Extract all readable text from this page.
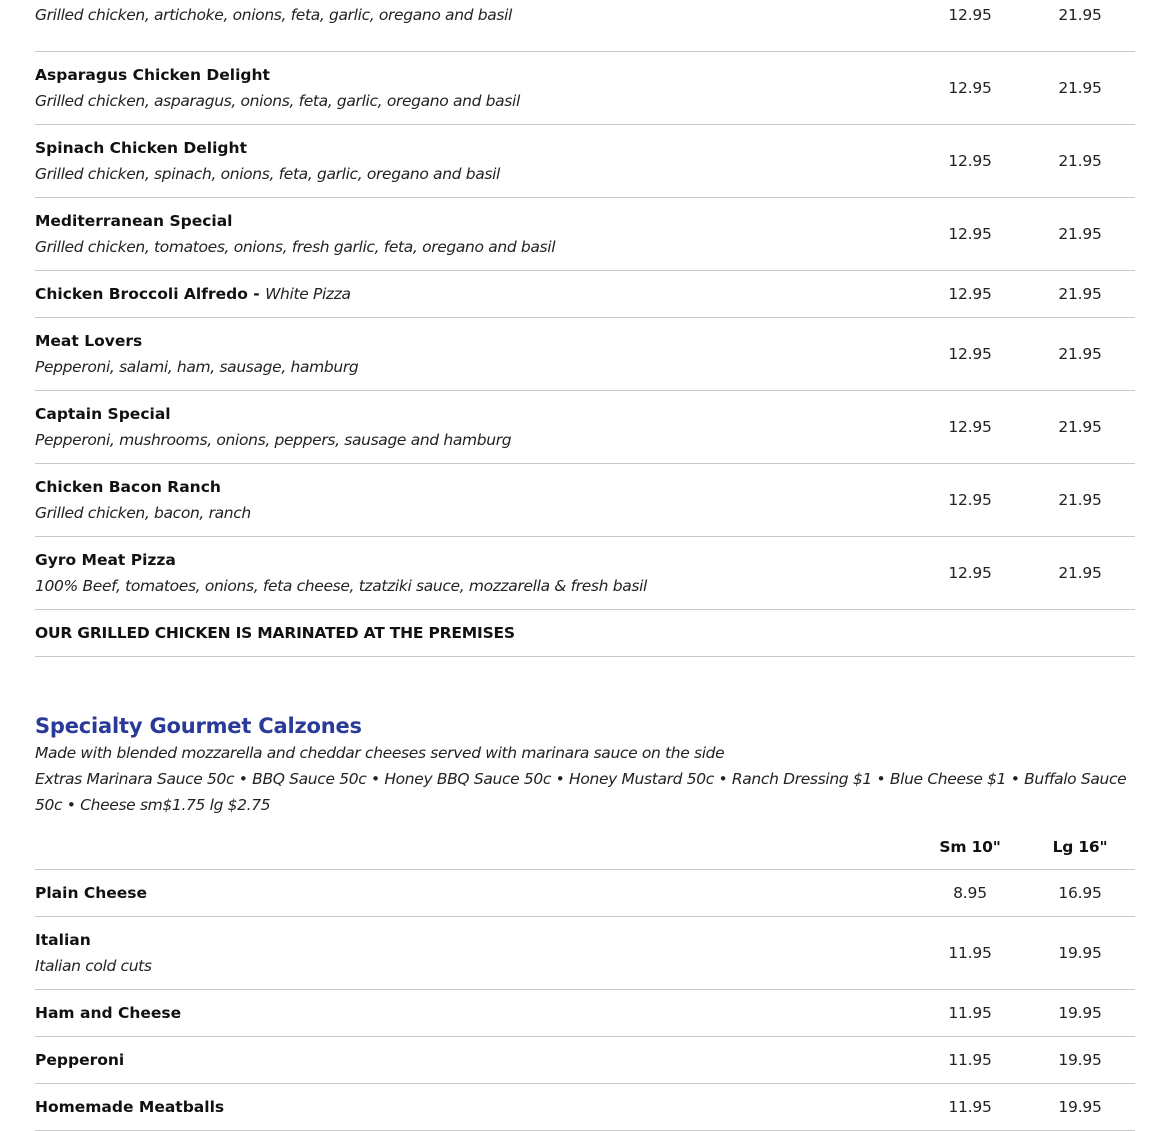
Grilled chicken, artichoke, onions, feta, garlic, oregano and basil	12.95	21.95
Asparagus Chicken Delight
Grilled chicken, asparagus, onions, feta, garlic, oregano and basil
12.95	21.95
Spinach Chicken Delight
Grilled chicken, spinach, onions, feta, garlic, oregano and basil
12.95	21.95
Mediterranean Special
Grilled chicken, tomatoes, onions, fresh garlic, feta, oregano and basil
12.95	21.95
Chicken Broccoli Alfredo - White Pizza	12.95	21.95
Meat Lovers
Pepperoni, salami, ham, sausage, hamburg
12.95	21.95
Captain Special
Pepperoni, mushrooms, onions, peppers, sausage and hamburg
12.95	21.95
Chicken Bacon Ranch
Grilled chicken, bacon, ranch
12.95	21.95
Gyro Meat Pizza
100% Beef, tomatoes, onions, feta cheese, tzatziki sauce, mozzarella & fresh basil
12.95	21.95
OUR GRILLED CHICKEN IS MARINATED AT THE PREMISES
Specialty Gourmet Calzones
Made with blended mozzarella and cheddar cheeses served with marinara sauce on the side
Extras Marinara Sauce 50c • BBQ Sauce 50c • Honey BBQ Sauce 50c • Honey Mustard 50c • Ranch Dressing $1 • Blue Cheese $1 • Buffalo Sauce 50c • Cheese sm$1.75 lg $2.75
Sm 10"	Lg 16"
Plain Cheese	8.95	16.95
Italian
Italian cold cuts
11.95	19.95
Ham and Cheese	11.95	19.95
Pepperoni	11.95	19.95
Homemade Meatballs	11.95	19.95
